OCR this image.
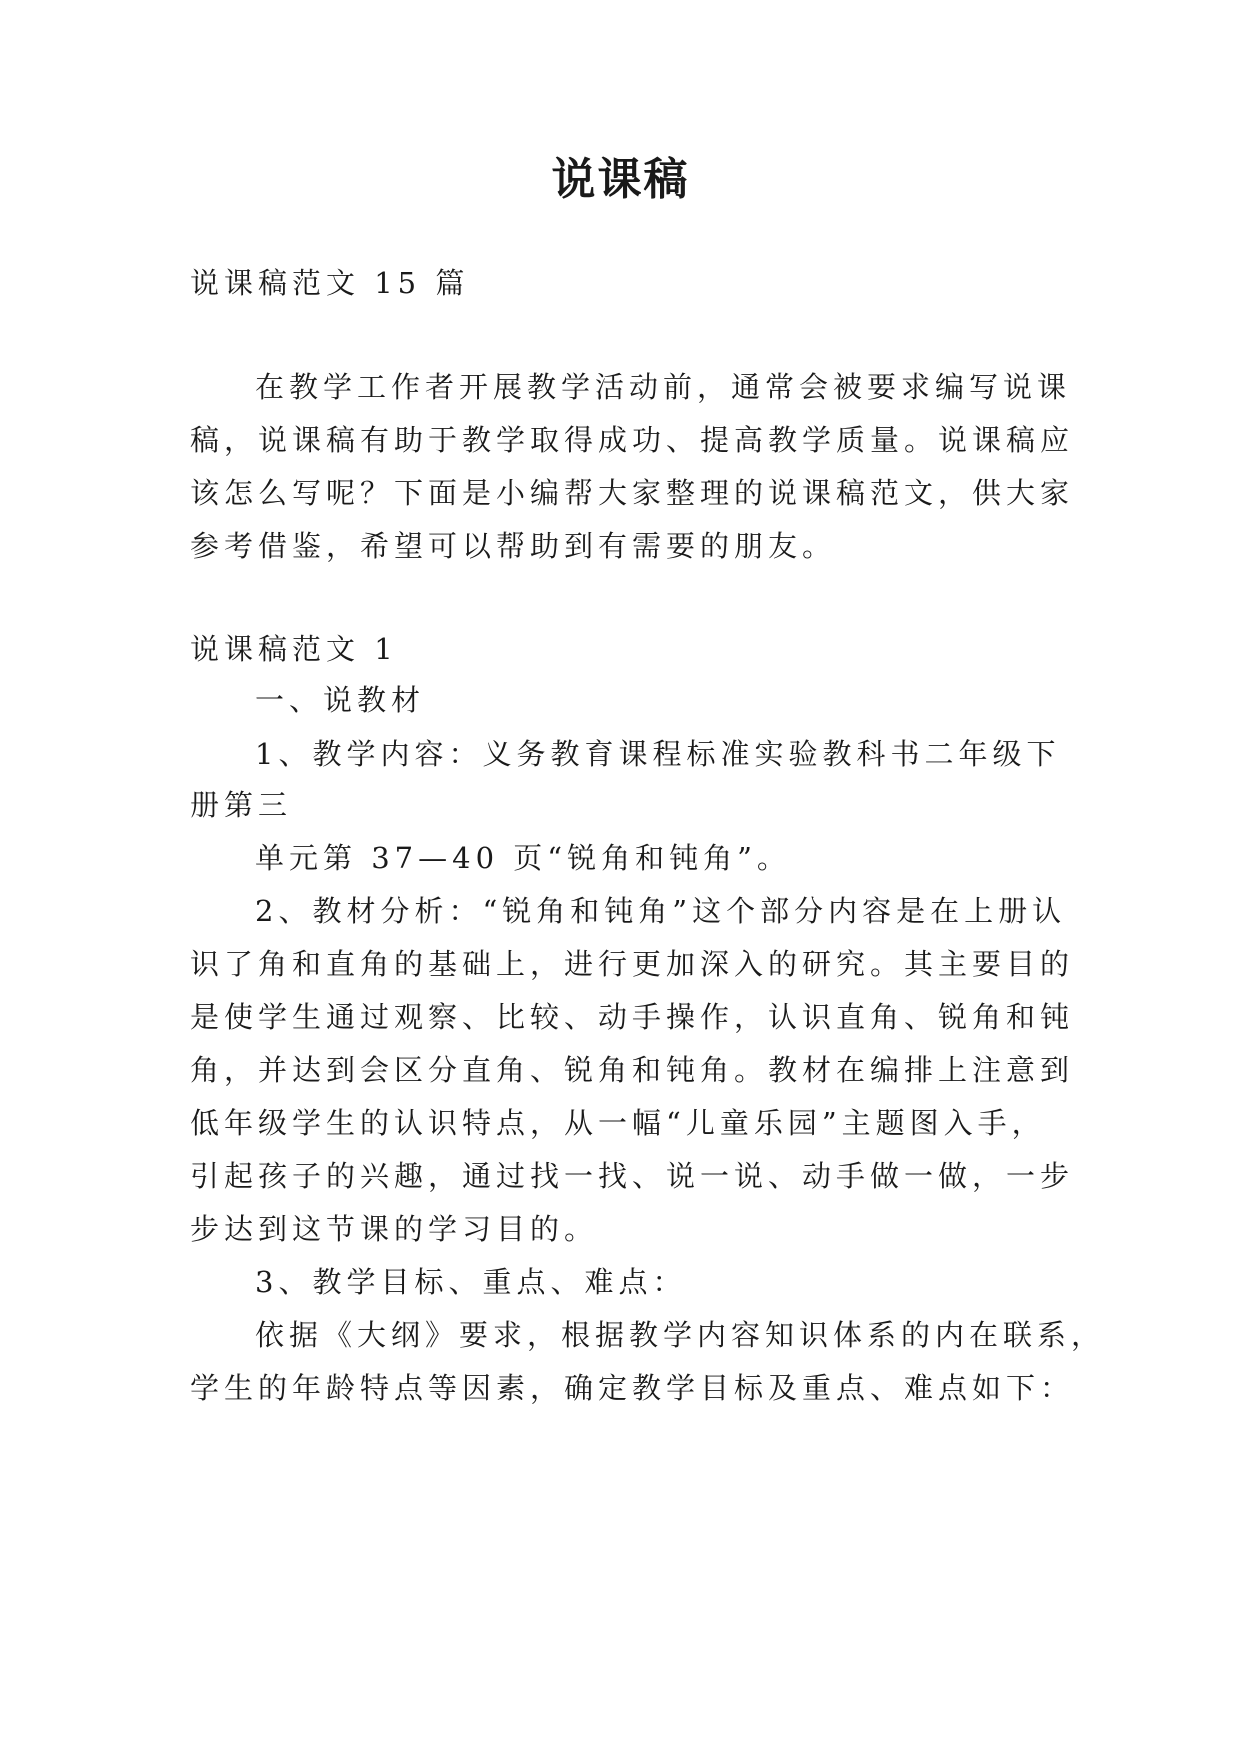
说课稿
说课稿范文 15 篇
在教学工作者开展教学活动前，通常会被要求编写说课
稿，说课稿有助于教学取得成功、提高教学质量。说课稿应
该怎么写呢？下面是小编帮大家整理的说课稿范文，供大家
参考借鉴，希望可以帮助到有需要的朋友。
说课稿范文 1
一、说教材
1、教学内容：义务教育课程标准实验教科书二年级下
册第三
单元第 37—40 页“锐角和钝角”。
2、教材分析：“锐角和钝角”这个部分内容是在上册认
识了角和直角的基础上，进行更加深入的研究。其主要目的
是使学生通过观察、比较、动手操作，认识直角、锐角和钝
角，并达到会区分直角、锐角和钝角。教材在编排上注意到
低年级学生的认识特点，从一幅“儿童乐园”主题图入手，
引起孩子的兴趣，通过找一找、说一说、动手做一做，一步
步达到这节课的学习目的。
3、教学目标、重点、难点：
依据《大纲》要求，根据教学内容知识体系的内在联系，
学生的年龄特点等因素，确定教学目标及重点、难点如下：
